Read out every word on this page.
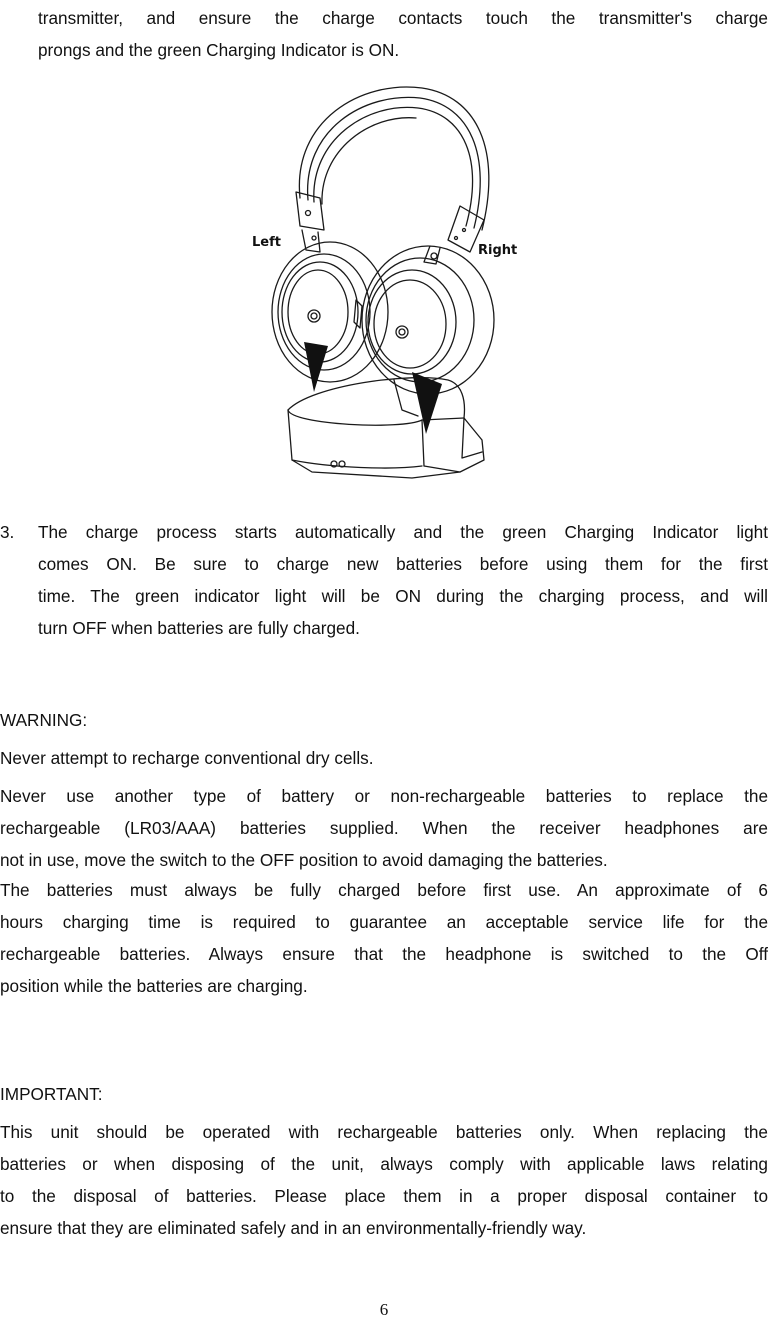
transmitter, and ensure the charge contacts touch the transmitter's charge
prongs and the green Charging Indicator is ON.

Left
Right
3. The charge process starts automatically and the green Charging Indicator light
comes ON. Be sure to charge new batteries before using them for the first
time. The green indicator light will be ON during the charging process, and will
turn OFF when batteries are fully charged.

WARNING:

Never attempt to recharge conventional dry cells.

Never use another type of battery or non-rechargeable batteries to replace the
rechargeable (LR03/AAA) batteries supplied. When the receiver headphones are
not in use, move the switch to the OFF position to avoid damaging the batteries.

The batteries must always be fully charged before first use. An approximate of 6
hours charging time is required to guarantee an acceptable service life for the
rechargeable batteries. Always ensure that the headphone is switched to the Off
position while the batteries are charging.

IMPORTANT:

This unit should be operated with rechargeable batteries only. When replacing the
batteries or when disposing of the unit, always comply with applicable laws relating
to the disposal of batteries. Please place them in a proper disposal container to
ensure that they are eliminated safely and in an environmentally-friendly way.

6
